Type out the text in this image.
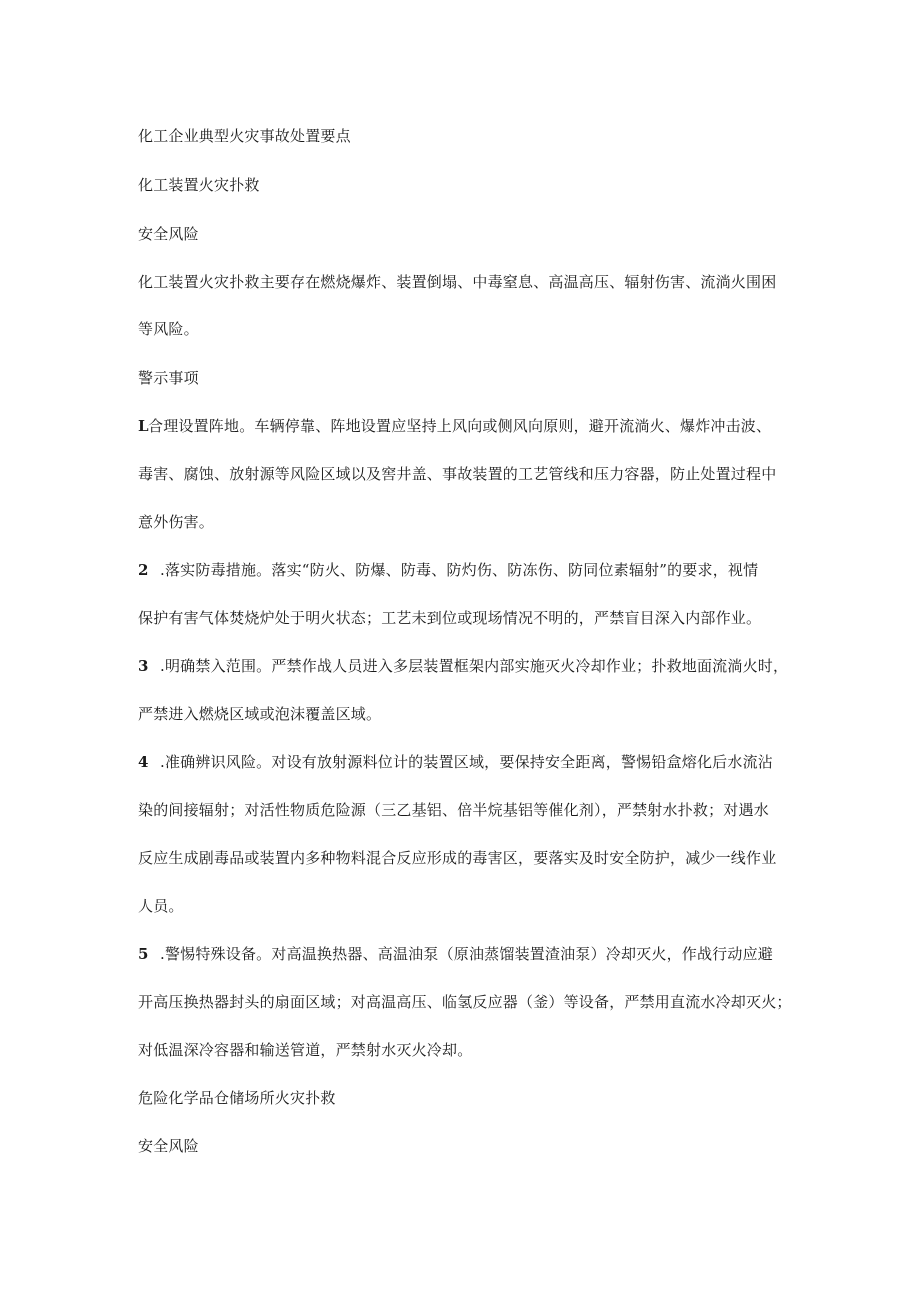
化工企业典型火灾事故处置要点
化工装置火灾扑救
安全风险
化工装置火灾扑救主要存在燃烧爆炸、装置倒塌、中毒窒息、高温高压、辐射伤害、流淌火围困
等风险。
警示事项
L合理设置阵地。车辆停靠、阵地设置应坚持上风向或侧风向原则，避开流淌火、爆炸冲击波、
毒害、腐蚀、放射源等风险区域以及窖井盖、事故装置的工艺管线和压力容器，防止处置过程中
意外伤害。
2 .落实防毒措施。落实“防火、防爆、防毒、防灼伤、防冻伤、防同位素辐射”的要求，视情
保护有害气体焚烧炉处于明火状态；工艺未到位或现场情况不明的，严禁盲目深入内部作业。
3 .明确禁入范围。严禁作战人员进入多层装置框架内部实施灭火冷却作业；扑救地面流淌火时，
严禁进入燃烧区域或泡沫覆盖区域。
4 .准确辨识风险。对设有放射源料位计的装置区域，要保持安全距离，警惕铅盒熔化后水流沾
染的间接辐射；对活性物质危险源（三乙基铝、倍半烷基铝等催化剂），严禁射水扑救；对遇水
反应生成剧毒品或装置内多种物料混合反应形成的毒害区，要落实及时安全防护，减少一线作业
人员。
5 .警惕特殊设备。对高温换热器、高温油泵（原油蒸馏装置渣油泵）冷却灭火，作战行动应避
开高压换热器封头的扇面区域；对高温高压、临氢反应器（釜）等设备，严禁用直流水冷却灭火；
对低温深冷容器和输送管道，严禁射水灭火冷却。
危险化学品仓储场所火灾扑救
安全风险
